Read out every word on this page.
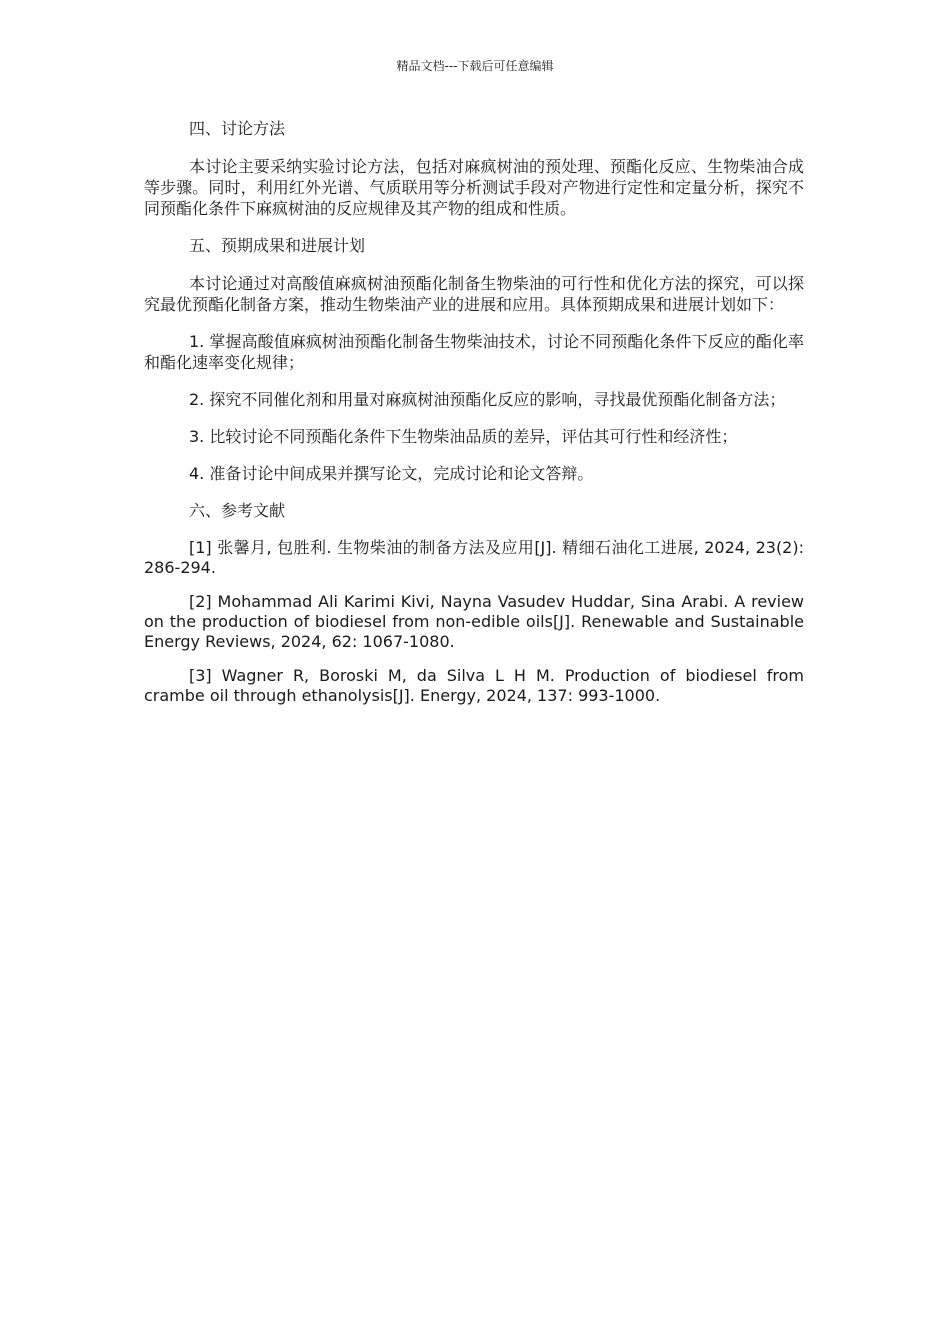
精品文档---下载后可任意编辑

四、讨论方法

本讨论主要采纳实验讨论方法，包括对麻疯树油的预处理、预酯化反应、生物柴油合成等步骤。同时，利用红外光谱、气质联用等分析测试手段对产物进行定性和定量分析，探究不同预酯化条件下麻疯树油的反应规律及其产物的组成和性质。

五、预期成果和进展计划

本讨论通过对高酸值麻疯树油预酯化制备生物柴油的可行性和优化方法的探究，可以探究最优预酯化制备方案，推动生物柴油产业的进展和应用。具体预期成果和进展计划如下：

1. 掌握高酸值麻疯树油预酯化制备生物柴油技术，讨论不同预酯化条件下反应的酯化率和酯化速率变化规律；

2. 探究不同催化剂和用量对麻疯树油预酯化反应的影响，寻找最优预酯化制备方法；

3. 比较讨论不同预酯化条件下生物柴油品质的差异，评估其可行性和经济性；

4. 准备讨论中间成果并撰写论文，完成讨论和论文答辩。

六、参考文献

[1] 张馨月, 包胜利. 生物柴油的制备方法及应用[J]. 精细石油化工进展, 2024, 23(2): 286-294.

[2] Mohammad Ali Karimi Kivi, Nayna Vasudev Huddar, Sina Arabi. A review on the production of biodiesel from non-edible oils[J]. Renewable and Sustainable Energy Reviews, 2024, 62: 1067-1080.

[3] Wagner R, Boroski M, da Silva L H M. Production of biodiesel from crambe oil through ethanolysis[J]. Energy, 2024, 137: 993-1000.
